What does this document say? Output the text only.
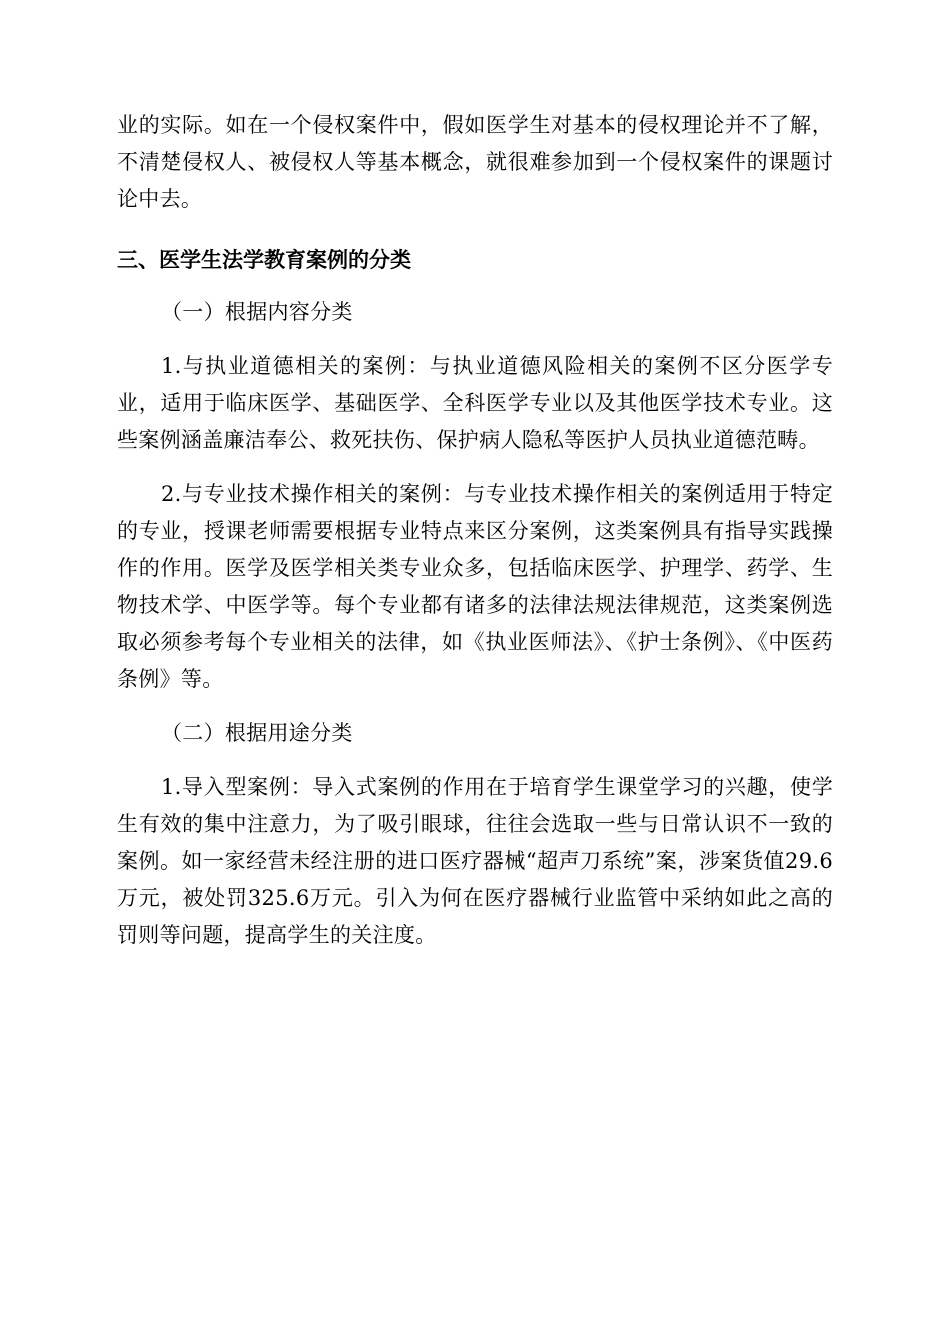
业的实际。如在一个侵权案件中，假如医学生对基本的侵权理论并不了解，不清楚侵权人、被侵权人等基本概念，就很难参加到一个侵权案件的课题讨论中去。

三、医学生法学教育案例的分类

（一）根据内容分类

1.与执业道德相关的案例：与执业道德风险相关的案例不区分医学专业，适用于临床医学、基础医学、全科医学专业以及其他医学技术专业。这些案例涵盖廉洁奉公、救死扶伤、保护病人隐私等医护人员执业道德范畴。

2.与专业技术操作相关的案例：与专业技术操作相关的案例适用于特定的专业，授课老师需要根据专业特点来区分案例，这类案例具有指导实践操作的作用。医学及医学相关类专业众多，包括临床医学、护理学、药学、生物技术学、中医学等。每个专业都有诸多的法律法规法律规范，这类案例选取必须参考每个专业相关的法律，如《执业医师法》、《护士条例》、《中医药条例》等。

（二）根据用途分类

1.导入型案例：导入式案例的作用在于培育学生课堂学习的兴趣，使学生有效的集中注意力，为了吸引眼球，往往会选取一些与日常认识不一致的案例。如一家经营未经注册的进口医疗器械“超声刀系统”案，涉案货值29.6万元，被处罚325.6万元。引入为何在医疗器械行业监管中采纳如此之高的罚则等问题，提高学生的关注度。
